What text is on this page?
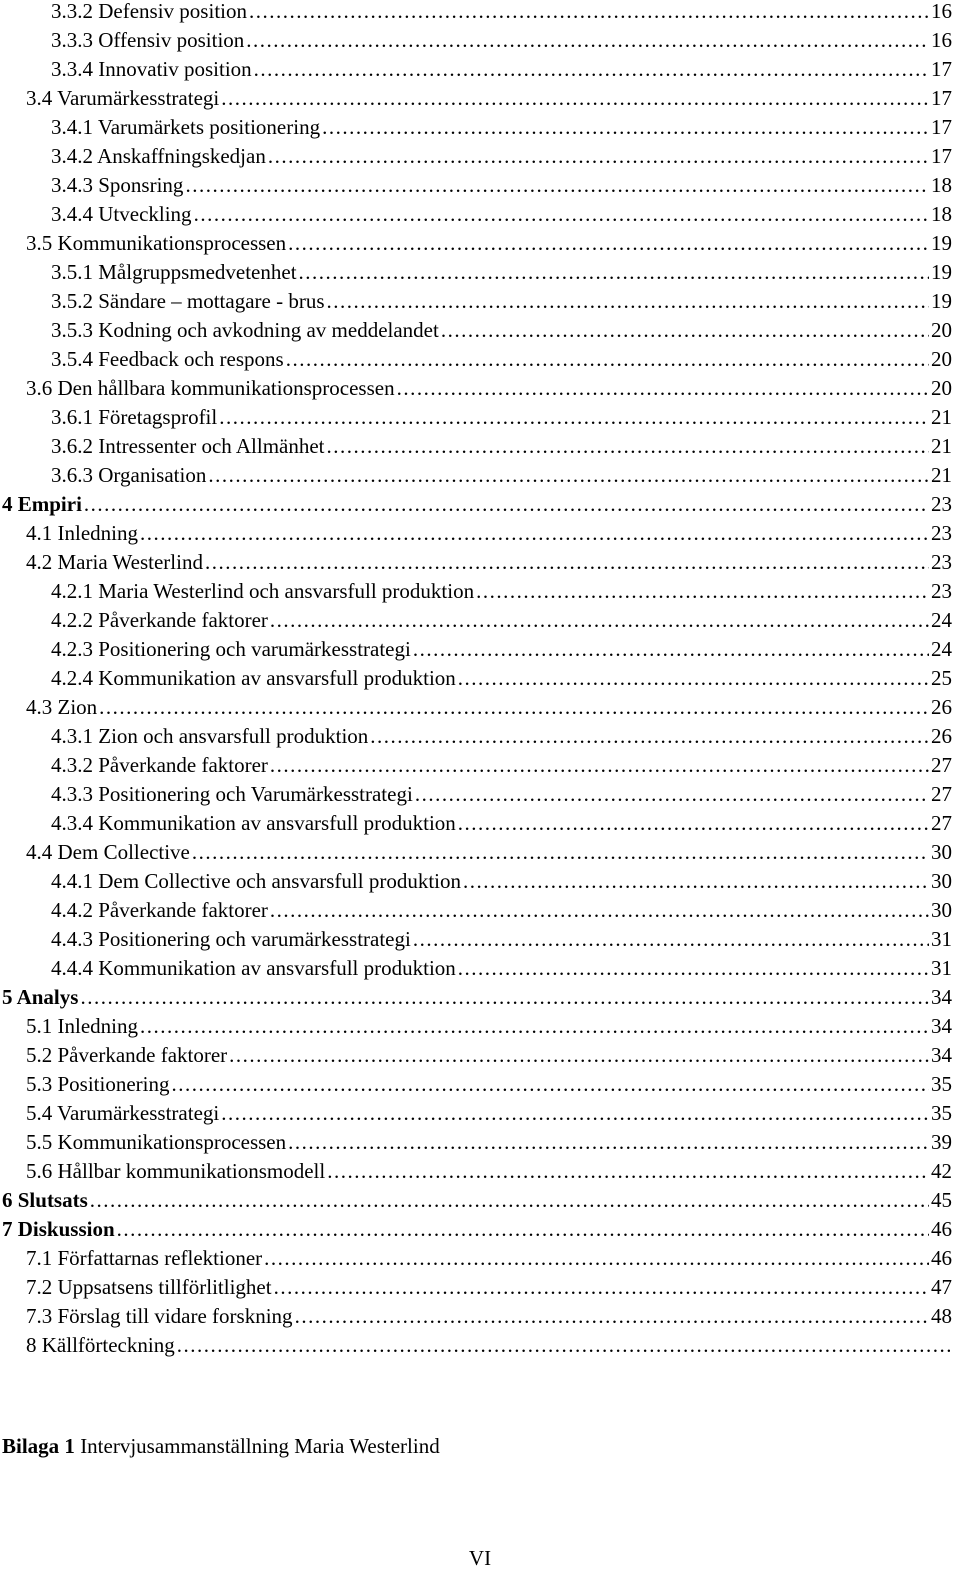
3.3.2 Defensiv position .....	16
3.3.3 Offensiv position .....	16
3.3.4 Innovativ position .....	17
3.4 Varumärkesstrategi .....	17
3.4.1 Varumärkets positionering .....	17
3.4.2 Anskaffningskedjan .....	17
3.4.3 Sponsring .....	18
3.4.4 Utveckling .....	18
3.5 Kommunikationsprocessen .....	19
3.5.1 Målgruppsmedvetenhet .....	19
3.5.2 Sändare – mottagare - brus .....	19
3.5.3 Kodning och avkodning av meddelandet .....	20
3.5.4 Feedback och respons .....	20
3.6 Den hållbara kommunikationsprocessen .....	20
3.6.1 Företagsprofil .....	21
3.6.2 Intressenter och Allmänhet .....	21
3.6.3 Organisation .....	21
4 Empiri .....	23
4.1 Inledning .....	23
4.2 Maria Westerlind .....	23
4.2.1 Maria Westerlind och ansvarsfull produktion .....	23
4.2.2 Påverkande faktorer .....	24
4.2.3 Positionering och varumärkesstrategi .....	24
4.2.4 Kommunikation av ansvarsfull produktion .....	25
4.3 Zion .....	26
4.3.1 Zion och ansvarsfull produktion .....	26
4.3.2 Påverkande faktorer .....	27
4.3.3 Positionering och Varumärkesstrategi .....	27
4.3.4 Kommunikation av ansvarsfull produktion .....	27
4.4 Dem Collective .....	30
4.4.1 Dem Collective och ansvarsfull produktion .....	30
4.4.2 Påverkande faktorer .....	30
4.4.3 Positionering och varumärkesstrategi .....	31
4.4.4 Kommunikation av ansvarsfull produktion .....	31
5 Analys .....	34
5.1 Inledning .....	34
5.2 Påverkande faktorer .....	34
5.3 Positionering .....	35
5.4 Varumärkesstrategi .....	35
5.5 Kommunikationsprocessen .....	39
5.6 Hållbar kommunikationsmodell .....	42
6 Slutsats .....	45
7 Diskussion .....	46
7.1 Författarnas reflektioner .....	46
7.2 Uppsatsens tillförlitlighet .....	47
7.3 Förslag till vidare forskning .....	48
8 Källförteckning
.....
Bilaga 1 Intervjusammanställning Maria Westerlind
VI
